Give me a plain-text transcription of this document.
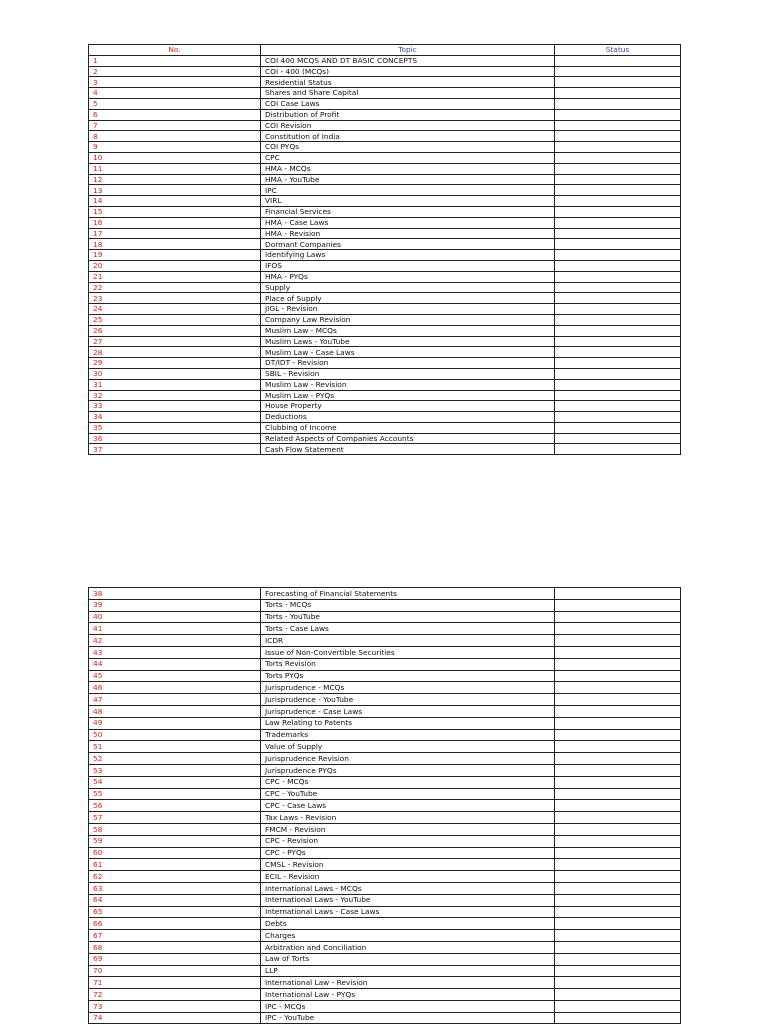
No.	Topic	Status
1	COI 400 MCQS AND DT BASIC CONCEPTS	
2	COI - 400 (MCQs)	
3	Residential Status	
4	Shares and Share Capital	
5	COI Case Laws	
6	Distribution of Profit	
7	COI Revision	
8	Constitution of India	
9	COI PYQs	
10	CPC	
11	HMA - MCQs	
12	HMA - YouTube	
13	IPC	
14	VIRL	
15	Financial Services	
16	HMA - Case Laws	
17	HMA - Revision	
18	Dormant Companies	
19	Identifying Laws	
20	IFOS	
21	HMA - PYQs	
22	Supply	
23	Place of Supply	
24	JIGL - Revision	
25	Company Law Revision	
26	Muslim Law - MCQs	
27	Muslim Laws - YouTube	
28	Muslim Law - Case Laws	
29	DT/IDT - Revision	
30	SBIL - Revision	
31	Muslim Law - Revision	
32	Muslim Law - PYQs	
33	House Property	
34	Deductions	
35	Clubbing of Income	
36	Related Aspects of Companies Accounts	
37	Cash Flow Statement	
38	Forecasting of Financial Statements	
39	Torts - MCQs	
40	Torts - YouTube	
41	Torts - Case Laws	
42	ICDR	
43	Issue of Non-Convertible Securities	
44	Torts Revision	
45	Torts PYQs	
46	Jurisprudence - MCQs	
47	Jurisprudence - YouTube	
48	Jurisprudence - Case Laws	
49	Law Relating to Patents	
50	Trademarks	
51	Value of Supply	
52	Jurisprudence Revision	
53	Jurisprudence PYQs	
54	CPC - MCQs	
55	CPC - YouTube	
56	CPC - Case Laws	
57	Tax Laws - Revision	
58	FMCM - Revision	
59	CPC - Revision	
60	CPC - PYQs	
61	CMSL - Revision	
62	ECIL - Revision	
63	International Laws - MCQs	
64	International Laws - YouTube	
65	International Laws - Case Laws	
66	Debts	
67	Charges	
68	Arbitration and Conciliation	
69	Law of Torts	
70	LLP	
71	International Law - Revision	
72	International Law - PYQs	
73	IPC - MCQs	
74	IPC - YouTube	
